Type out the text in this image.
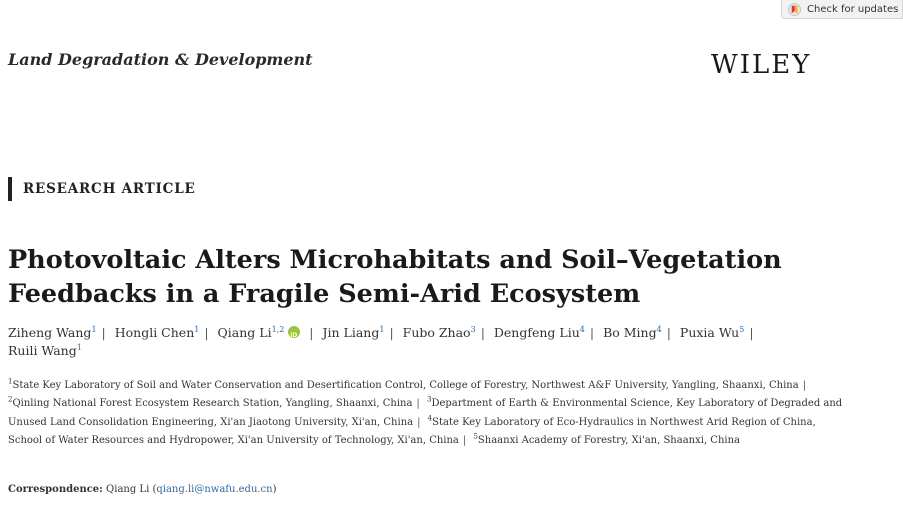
Check for updates
Land Degradation & Development	WILEY
RESEARCH ARTICLE
Photovoltaic Alters Microhabitats and Soil–Vegetation Feedbacks in a Fragile Semi-Arid Ecosystem
Ziheng Wang$^1$ | Hongli Chen$^1$ | Qiang Li$^{1,2}$iD | Jin Liang$^1$ | Fubo Zhao$^3$ | Dengfeng Liu$^4$ | Bo Ming$^4$ | Puxia Wu$^5$ |
Ruili Wang$^1$
$^1$State Key Laboratory of Soil and Water Conservation and Desertification Control, College of Forestry, Northwest A&F University, Yangling, Shaanxi, China | $^2$Qinling National Forest Ecosystem Research Station, Yangling, Shaanxi, China | $^3$Department of Earth & Environmental Science, Key Laboratory of Degraded and Unused Land Consolidation Engineering, Xi'an Jiaotong University, Xi'an, China | $^4$State Key Laboratory of Eco-Hydraulics in Northwest Arid Region of China, School of Water Resources and Hydropower, Xi'an University of Technology, Xi'an, China | $^5$Shaanxi Academy of Forestry, Xi'an, Shaanxi, China
Correspondence: Qiang Li (qiang.li@nwafu.edu.cn)
